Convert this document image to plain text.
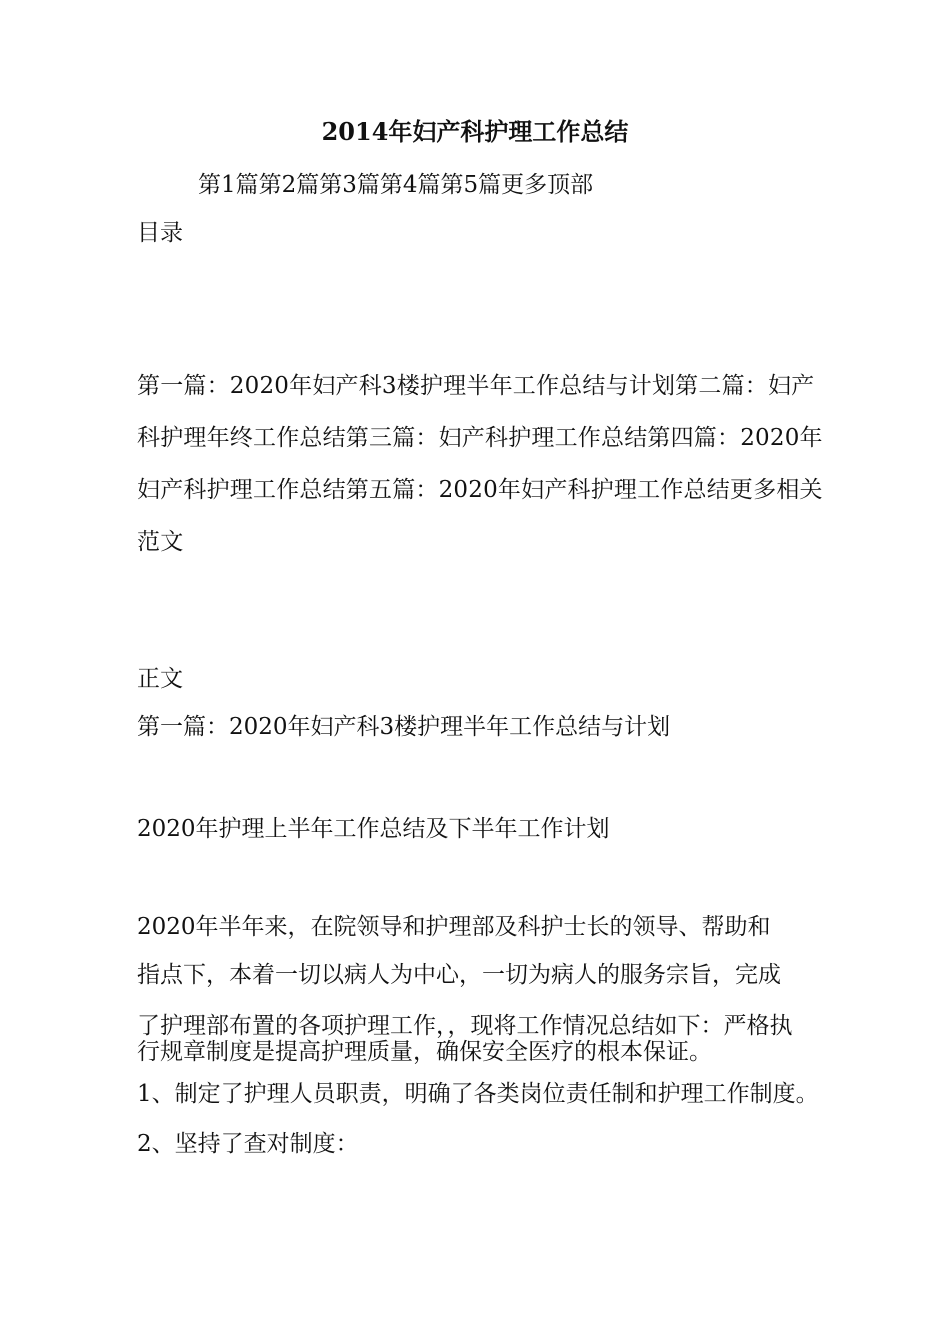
2014年妇产科护理工作总结
第1篇第2篇第3篇第4篇第5篇更多顶部
目录

第一篇：2020年妇产科3楼护理半年工作总结与计划第二篇：妇产科护理年终工作总结第三篇：妇产科护理工作总结第四篇：2020年妇产科护理工作总结第五篇：2020年妇产科护理工作总结更多相关范文

正文
第一篇：2020年妇产科3楼护理半年工作总结与计划
2020年护理上半年工作总结及下半年工作计划
2020年半年来，在院领导和护理部及科护士长的领导、帮助和
指点下，本着一切以病人为中心，一切为病人的服务宗旨，完成
了护理部布置的各项护理工作，，现将工作情况总结如下：严格执
行规章制度是提高护理质量，确保安全医疗的根本保证。
1、制定了护理人员职责，明确了各类岗位责任制和护理工作制度。
2、坚持了查对制度：
